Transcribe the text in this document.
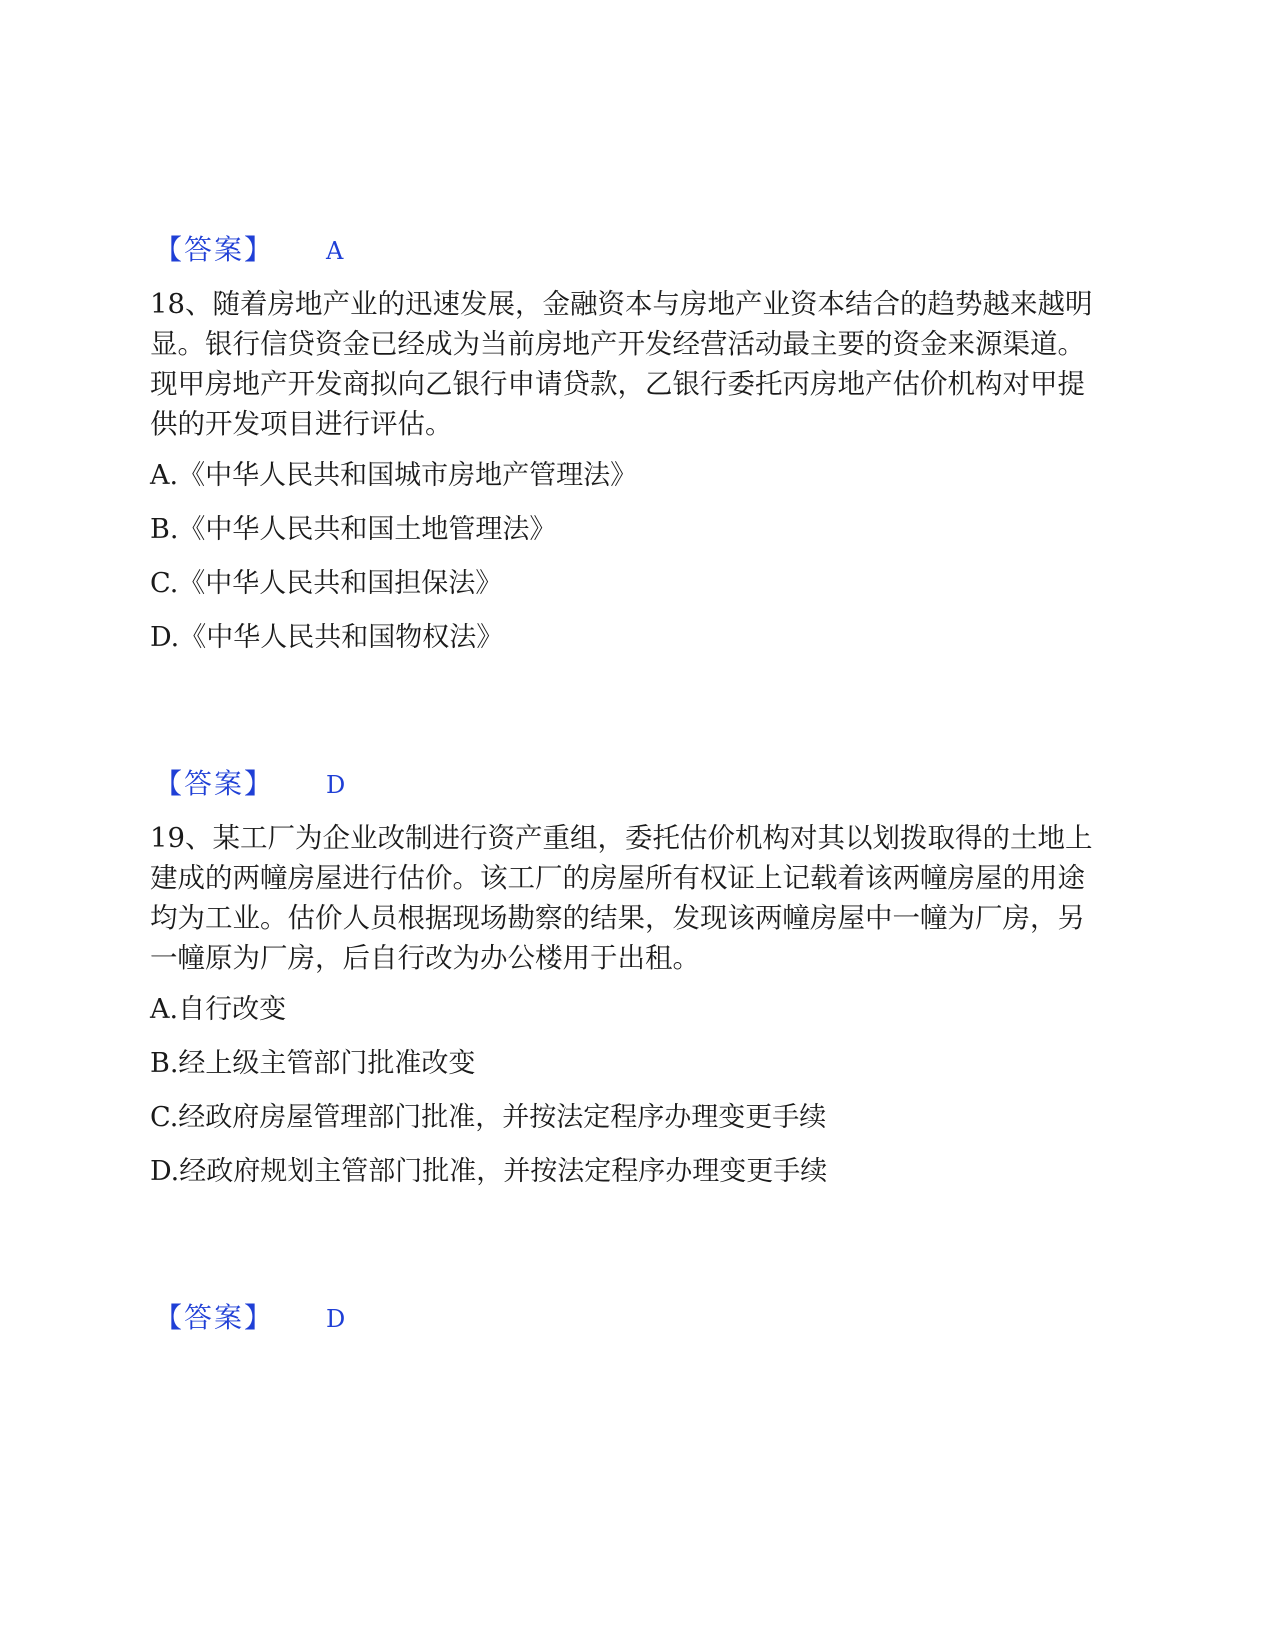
【答案】 A

18、随着房地产业的迅速发展，金融资本与房地产业资本结合的趋势越来越明显。银行信贷资金已经成为当前房地产开发经营活动最主要的资金来源渠道。现甲房地产开发商拟向乙银行申请贷款，乙银行委托丙房地产估价机构对甲提供的开发项目进行评估。

A.《中华人民共和国城市房地产管理法》
B.《中华人民共和国土地管理法》
C.《中华人民共和国担保法》
D.《中华人民共和国物权法》
【答案】 D

19、某工厂为企业改制进行资产重组，委托估价机构对其以划拨取得的土地上建成的两幢房屋进行估价。该工厂的房屋所有权证上记载着该两幢房屋的用途均为工业。估价人员根据现场勘察的结果，发现该两幢房屋中一幢为厂房，另一幢原为厂房，后自行改为办公楼用于出租。

A.自行改变
B.经上级主管部门批准改变
C.经政府房屋管理部门批准，并按法定程序办理变更手续
D.经政府规划主管部门批准，并按法定程序办理变更手续
【答案】 D
